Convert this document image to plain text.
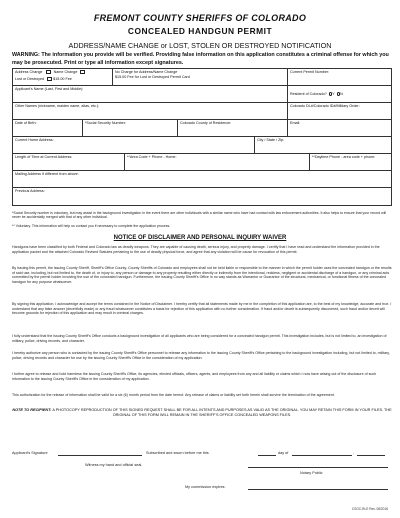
FREMONT COUNTY SHERIFFS OF COLORADO
CONCEALED HANDGUN PERMIT
ADDRESS/NAME CHANGE or LOST, STOLEN OR DESTROYED NOTIFICATION
WARNING: The information you provide will be verified. Providing false information on this application constitutes a criminal offense for which you may be prosecuted. Print or type all information except signatures.
Address Change	Name Change
Lost or Destroyed $15.00 Fee
No Charge for Address/Name Change
$15.00 Fee for Lost or Destroyed Permit Card
Current Permit Number:
Applicant's Name (Last, First and Middle):
Resident of Colorado? Y N
Other Names (nickname, maiden name, alias, etc.):	Colorado DL#/Colorado ID#/Military Order:
Date of Birth:	*Social Security Number:	Colorado County of Residence:	Email:
Current Home Address:	City / State / Zip:
Length of Time at Current Address:	**Area Code + Phone - Home:	**Daytime Phone - area code + phone:
Mailing Address if different from above:
Previous Address:
*Social Security number is voluntary, but may assist in the background investigation in the event there are other individuals with a similar name who have had contact with law enforcement authorities. It also helps to ensure that your record will never be accidentally merged with that of any other individual.
** Voluntary. This information will help us contact you if necessary to complete the application process.
NOTICE OF DISCLAIMER AND PERSONAL INQUIRY WAIVER
Handguns have been classified by both Federal and Colorado law as deadly weapons. They are capable of causing death, serious injury, and property damage. I certify that I have read and understand the information provided in the application packet and the attached Colorado Revised Statutes pertaining to the use of deadly physical force, and agree that any violation will be cause for revocation of this permit.
By issuing this permit, the issuing County Sheriff, Sheriff's Office County, County Sheriffs of Colorado and employees shall not be held liable or responsible to the manner in which the permit holder uses the concealed handgun or the results of said use, including, but not limited to, the death of, or injury to, any person or damage to any property resulting either directly or indirectly from the intentional, reckless, negligent or accidental discharge of a handgun, or any criminal acts committed by the permit holder involving the use of the concealed handgun. Furthermore, the issuing County Sheriff's Office in no way stands as Warrantor or Guarantor of the structural, mechanical, or functional fitness of the concealed handgun for any purpose whatsoever.
By signing this application, I acknowledge and accept the terms contained in the Notice of Disclaimer. I hereby certify that all statements made by me in the completion of this application are, to the best of my knowledge, accurate and true. I understand that any false answer (deceitfully made) or any fraud whatsoever constitutes a basis for rejection of this application with no further consideration. If fraud and/or deceit is subsequently discovered, such fraud and/or deceit will become grounds for rejection of this application and may result in criminal charges.
I fully understand that the issuing County Sheriff's Office conducts a background investigation of all applicants who are being considered for a concealed handgun permit. This investigation includes, but is not limited to, an investigation of military, police, driving records, and character.
I hereby authorize any person who is contacted by the issuing County Sheriff's Office personnel to release any information to the issuing County Sheriff's Office pertaining to the background investigation including, but not limited to, military, police, driving records and character for use by the issuing County Sheriff's Office in the consideration of my application.
I further agree to release and hold harmless the issuing County Sheriff's Office, its agencies, elected officials, officers, agents, and employees from any and all liability or claims which I now have arising out of the disclosure of such information to the issuing County Sheriff's Office in the consideration of my application.
This authorization for the release of information shall be valid for a six (6) month period from the date hereof. Any release of claims or liability set forth herein shall survive the termination of the agreement.
NOTE TO RECIPIENT: A PHOTOCOPY REPRODUCTION OF THIS SIGNED REQUEST SHALL BE FOR ALL INTENTS AND PURPOSES AS VALID AS THE ORIGINAL. YOU MAY RETAIN THIS FORM IN YOUR FILES. THE ORIGINAL OF THIS FORM WILL REMAIN IN THE SHERIFF'S OFFICE CONCEALED WEAPONS FILES.
Applicant's Signature	Subscribed and sworn before me this	day of	,
Witness my hand and official seal.
Notary Public
My commission expires:
CSOC-RLE Rev. 08/2016
